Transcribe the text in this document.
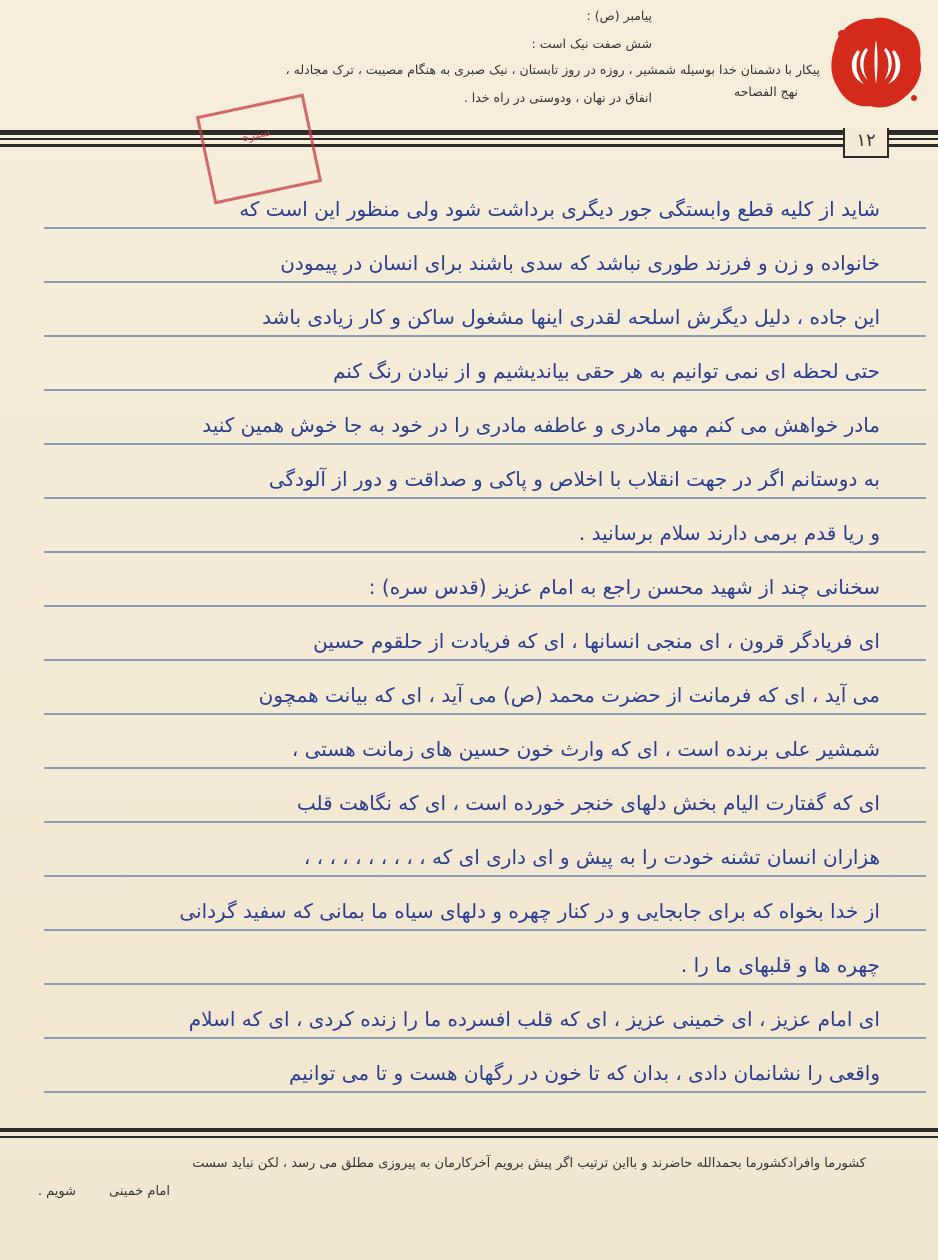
پیامبر (ص) :
شش صفت نیک است :
پیکار با دشمنان خدا بوسیله شمشیر ، روزه در روز تابستان ، نیک صبری به هنگام مصیبت ، ترک مجادله ،
انفاق در نهان ، ودوستی در راه خدا .	نهج الفصاحه
۱۲
سیره
شاید از کلیه قطع وابستگی جور دیگری برداشت شود ولی منظور این است که
خانواده و زن و فرزند طوری نباشد که سدی باشند برای انسان در پیمودن
این جاده ، دلیل دیگرش اسلحه لقدری اینها مشغول ساکن و کار زیادی باشد
حتی لحظه ای نمی توانیم به هر حقی بیاندیشیم و از نیادن رنگ کنم
مادر خواهش می کنم مهر مادری و عاطفه مادری را در خود به جا خوش همین کنید
به دوستانم اگر در جهت انقلاب با اخلاص و پاکی و صداقت و دور از آلودگی
و ریا قدم برمی دارند سلام برسانید .
سخنانی چند از شهید محسن راجع به امام عزیز (قدس سره) :
ای فریادگر قرون ، ای منجی انسانها ، ای که فریادت از حلقوم حسین
می آید ، ای که فرمانت از حضرت محمد (ص) می آید ، ای که بیانت همچون
شمشیر علی برنده است ، ای که وارث خون حسین های زمانت هستی ،
ای که گفتارت الیام بخش دلهای خنجر خورده است ، ای که نگاهت قلب
هزاران انسان تشنه خودت را به پیش و ای داری ای که ، ، ، ، ، ، ، ، ، ،
از خدا بخواه که برای جابجایی و در کنار چهره و دلهای سیاه ما بمانی که سفید گردانی
چهره ها و قلبهای ما را .
ای امام عزیز ، ای خمینی عزیز ، ای که قلب افسرده ما را زنده کردی ، ای که اسلام
واقعی را نشانمان دادی ، بدان که تا خون در رگهان هست و تا می توانیم
کشورما وافرادکشورما بحمدالله حاضرند و بااین ترتیب اگر پیش برویم آخرکارمان به پیروزی مطلق می رسد ، لکن نباید سست
شویم .	امام خمینی
